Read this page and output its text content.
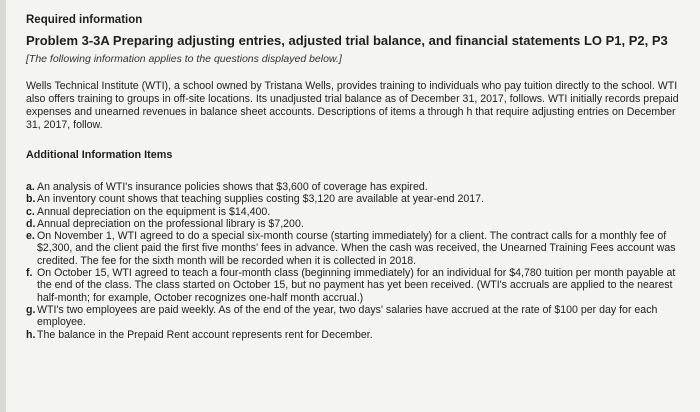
Required information
Problem 3-3A Preparing adjusting entries, adjusted trial balance, and financial statements LO P1, P2, P3
[The following information applies to the questions displayed below.]
Wells Technical Institute (WTI), a school owned by Tristana Wells, provides training to individuals who pay tuition directly to the school. WTI also offers training to groups in off-site locations. Its unadjusted trial balance as of December 31, 2017, follows. WTI initially records prepaid expenses and unearned revenues in balance sheet accounts. Descriptions of items a through h that require adjusting entries on December 31, 2017, follow.
Additional Information Items
a. An analysis of WTI's insurance policies shows that $3,600 of coverage has expired.
b. An inventory count shows that teaching supplies costing $3,120 are available at year-end 2017.
c. Annual depreciation on the equipment is $14,400.
d. Annual depreciation on the professional library is $7,200.
e. On November 1, WTI agreed to do a special six-month course (starting immediately) for a client. The contract calls for a monthly fee of $2,300, and the client paid the first five months' fees in advance. When the cash was received, the Unearned Training Fees account was credited. The fee for the sixth month will be recorded when it is collected in 2018.
f. On October 15, WTI agreed to teach a four-month class (beginning immediately) for an individual for $4,780 tuition per month payable at the end of the class. The class started on October 15, but no payment has yet been received. (WTI's accruals are applied to the nearest half-month; for example, October recognizes one-half month accrual.)
g. WTI's two employees are paid weekly. As of the end of the year, two days' salaries have accrued at the rate of $100 per day for each employee.
h. The balance in the Prepaid Rent account represents rent for December.
